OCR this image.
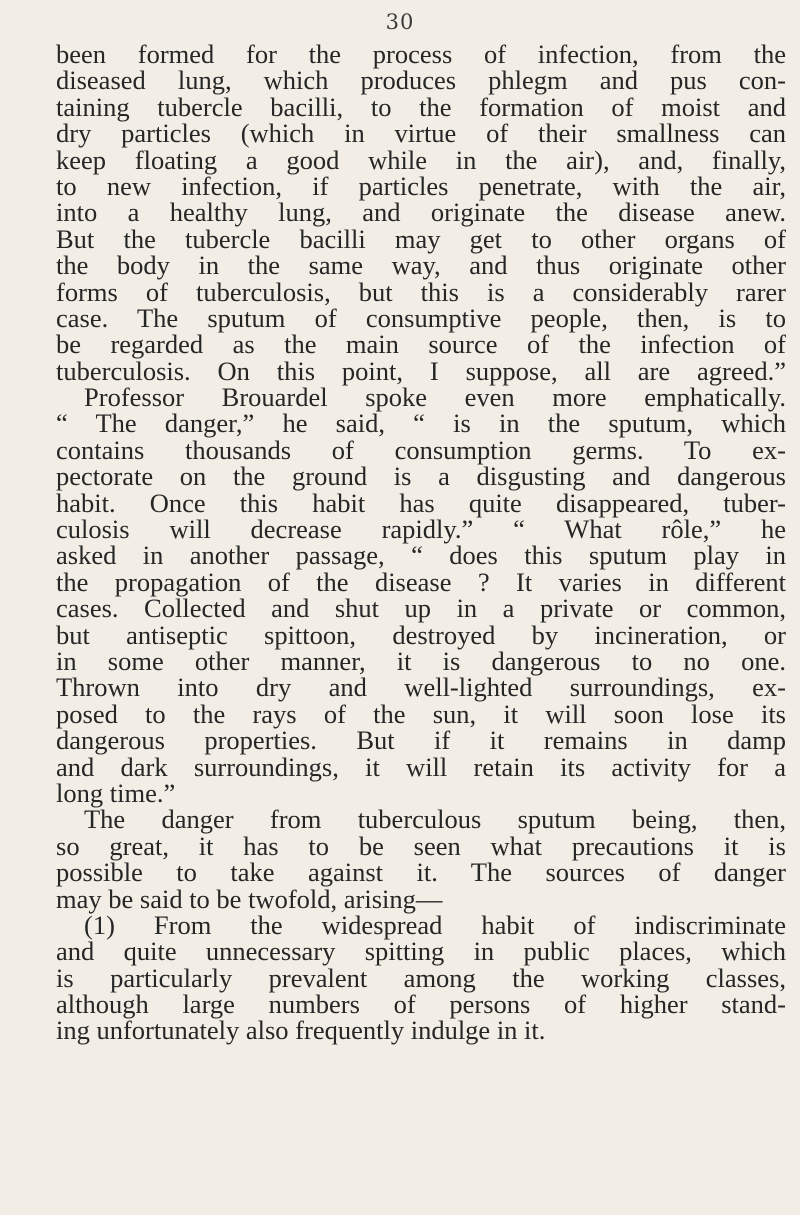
30
been formed for the process of infection, from the
diseased lung, which produces phlegm and pus con-
taining tubercle bacilli, to the formation of moist and
dry particles (which in virtue of their smallness can
keep floating a good while in the air), and, finally,
to new infection, if particles penetrate, with the air,
into a healthy lung, and originate the disease anew.
But the tubercle bacilli may get to other organs of
the body in the same way, and thus originate other
forms of tuberculosis, but this is a considerably rarer
case. The sputum of consumptive people, then, is to
be regarded as the main source of the infection of
tuberculosis. On this point, I suppose, all are agreed.”
Professor Brouardel spoke even more emphatically.
“ The danger,” he said, “ is in the sputum, which
contains thousands of consumption germs. To ex-
pectorate on the ground is a disgusting and dangerous
habit. Once this habit has quite disappeared, tuber-
culosis will decrease rapidly.” “ What rôle,” he
asked in another passage, “ does this sputum play in
the propagation of the disease ? It varies in different
cases. Collected and shut up in a private or common,
but antiseptic spittoon, destroyed by incineration, or
in some other manner, it is dangerous to no one.
Thrown into dry and well-lighted surroundings, ex-
posed to the rays of the sun, it will soon lose its
dangerous properties. But if it remains in damp
and dark surroundings, it will retain its activity for a
long time.”
The danger from tuberculous sputum being, then,
so great, it has to be seen what precautions it is
possible to take against it. The sources of danger
may be said to be twofold, arising—
(1) From the widespread habit of indiscriminate
and quite unnecessary spitting in public places, which
is particularly prevalent among the working classes,
although large numbers of persons of higher stand-
ing unfortunately also frequently indulge in it.
